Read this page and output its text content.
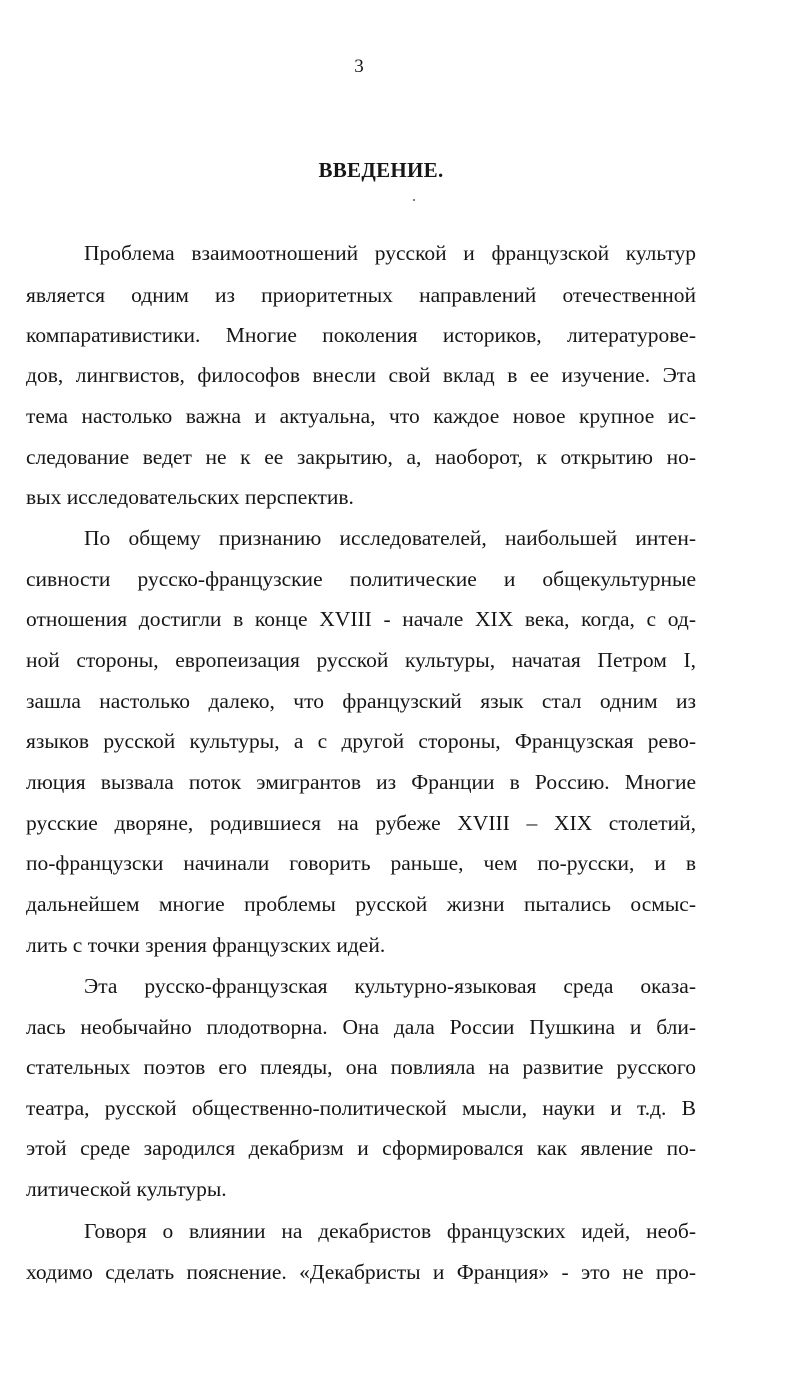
3
ВВЕДЕНИЕ.
Проблема взаимоотношений русской и французской культур
является одним из приоритетных направлений отечественной
компаративистики. Многие поколения историков, литературове-
дов, лингвистов, философов внесли свой вклад в ее изучение. Эта
тема настолько важна и актуальна, что каждое новое крупное ис-
следование ведет не к ее закрытию, а, наоборот, к открытию но-
вых исследовательских перспектив.
По общему признанию исследователей, наибольшей интен-
сивности русско-французские политические и общекультурные
отношения достигли в конце XVIII - начале XIX века, когда, с од-
ной стороны, европеизация русской культуры, начатая Петром I,
зашла настолько далеко, что французский язык стал одним из
языков русской культуры, а с другой стороны, Французская рево-
люция вызвала поток эмигрантов из Франции в Россию. Многие
русские дворяне, родившиеся на рубеже XVIII – XIX столетий,
по-французски начинали говорить раньше, чем по-русски, и в
дальнейшем многие проблемы русской жизни пытались осмыс-
лить с точки зрения французских идей.
Эта русско-французская культурно-языковая среда оказа-
лась необычайно плодотворна. Она дала России Пушкина и бли-
стательных поэтов его плеяды, она повлияла на развитие русского
театра, русской общественно-политической мысли, науки и т.д. В
этой среде зародился декабризм и сформировался как явление по-
литической культуры.
Говоря о влиянии на декабристов французских идей, необ-
ходимо сделать пояснение. «Декабристы и Франция» - это не про-
